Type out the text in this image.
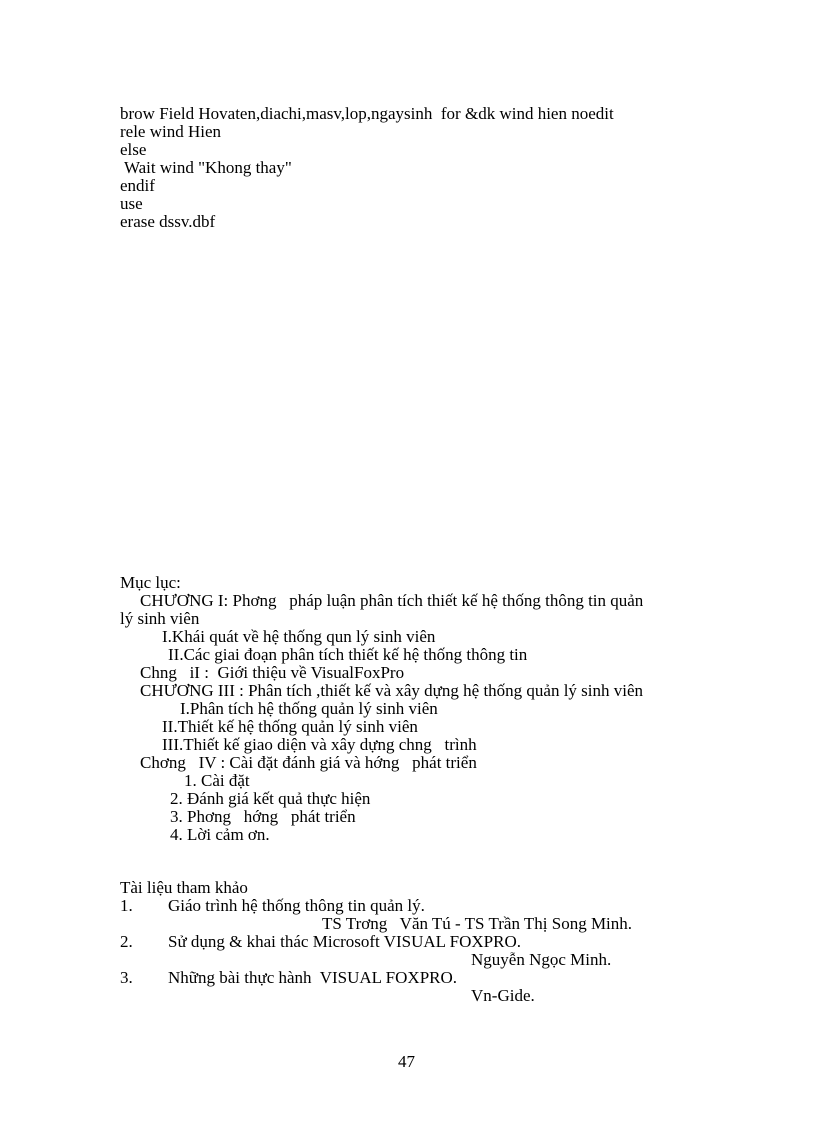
brow Field Hovaten,diachi,masv,lop,ngaysinh  for &dk wind hien noedit
rele wind Hien
else
Wait wind "Khong thay"
endif
use
erase dssv.dbf
Mục lục:
CHƯƠNG I: Phơng   pháp luận phân tích thiết kế hệ thống thông tin quản
lý sinh viên
I.Khái quát về hệ thống qun lý sinh viên
II.Các giai đoạn phân tích thiết kế hệ thống thông tin
Chng   iI :  Giới thiệu về VisualFoxPro
CHƯƠNG III : Phân tích ,thiết kế và xây dựng hệ thống quản lý sinh viên
I.Phân tích hệ thống quản lý sinh viên
II.Thiết kế hệ thống quản lý sinh viên
III.Thiết kế giao diện và xây dựng chng   trình
Chơng   IV : Cài đặt đánh giá và hớng   phát triển
1. Cài đặt
2. Đánh giá kết quả thực hiện
3. Phơng   hớng   phát triển
4. Lời cảm ơn.
Tài liệu tham khảo
1. Giáo trình hệ thống thông tin quản lý.
TS Trơng   Văn Tú - TS Trần Thị Song Minh.
2. Sử dụng & khai thác Microsoft VISUAL FOXPRO.
Nguyễn Ngọc Minh.
3. Những bài thực hành  VISUAL FOXPRO.
Vn-Gide.
47
